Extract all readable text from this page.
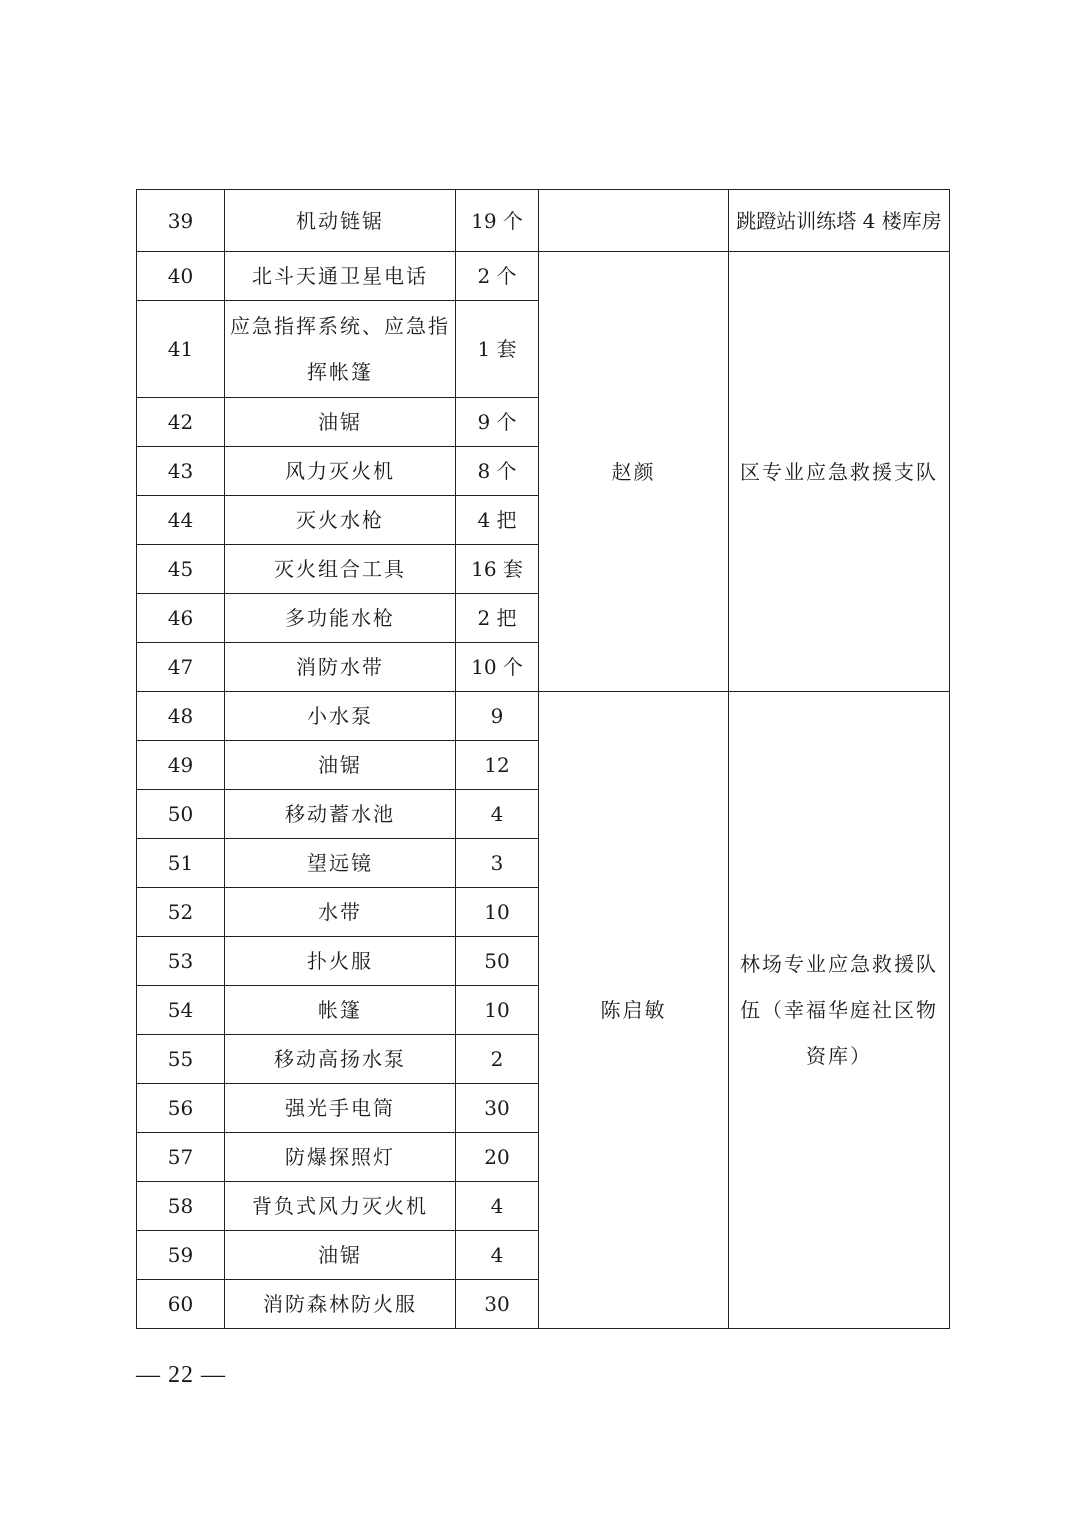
39	机动链锯	19 个		跳蹬站训练塔 4 楼库房
40	北斗天通卫星电话	2 个	赵颜	区专业应急救援支队
41	应急指挥系统、应急指挥帐篷	1 套		
42	油锯	9 个		
43	风力灭火机	8 个		
44	灭火水枪	4 把		
45	灭火组合工具	16 套		
46	多功能水枪	2 把		
47	消防水带	10 个		
48	小水泵	9	陈启敏	林场专业应急救援队伍（幸福华庭社区物资库）
49	油锯	12		
50	移动蓄水池	4		
51	望远镜	3		
52	水带	10		
53	扑火服	50		
54	帐篷	10		
55	移动高扬水泵	2		
56	强光手电筒	30		
57	防爆探照灯	20		
58	背负式风力灭火机	4		
59	油锯	4		
60	消防森林防火服	30		
— 22 —
